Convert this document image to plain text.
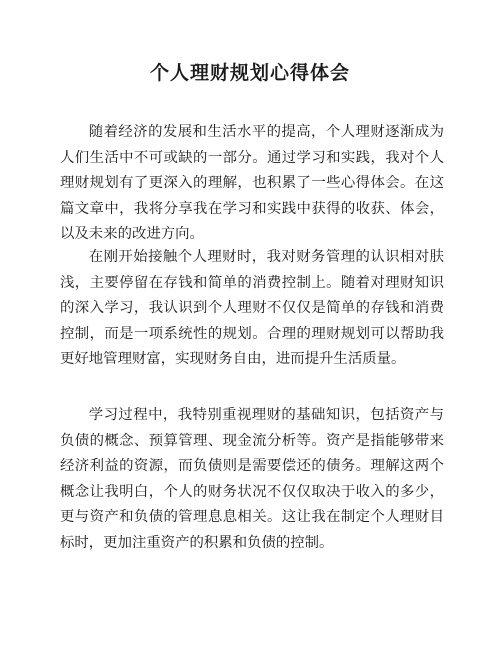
个人理财规划心得体会

随着经济的发展和生活水平的提高，个人理财逐渐成为人们生活中不可或缺的一部分。通过学习和实践，我对个人理财规划有了更深入的理解，也积累了一些心得体会。在这篇文章中，我将分享我在学习和实践中获得的收获、体会，以及未来的改进方向。

在刚开始接触个人理财时，我对财务管理的认识相对肤浅，主要停留在存钱和简单的消费控制上。随着对理财知识的深入学习，我认识到个人理财不仅仅是简单的存钱和消费控制，而是一项系统性的规划。合理的理财规划可以帮助我更好地管理财富，实现财务自由，进而提升生活质量。

学习过程中，我特别重视理财的基础知识，包括资产与负债的概念、预算管理、现金流分析等。资产是指能够带来经济利益的资源，而负债则是需要偿还的债务。理解这两个概念让我明白，个人的财务状况不仅仅取决于收入的多少，更与资产和负债的管理息息相关。这让我在制定个人理财目标时，更加注重资产的积累和负债的控制。
